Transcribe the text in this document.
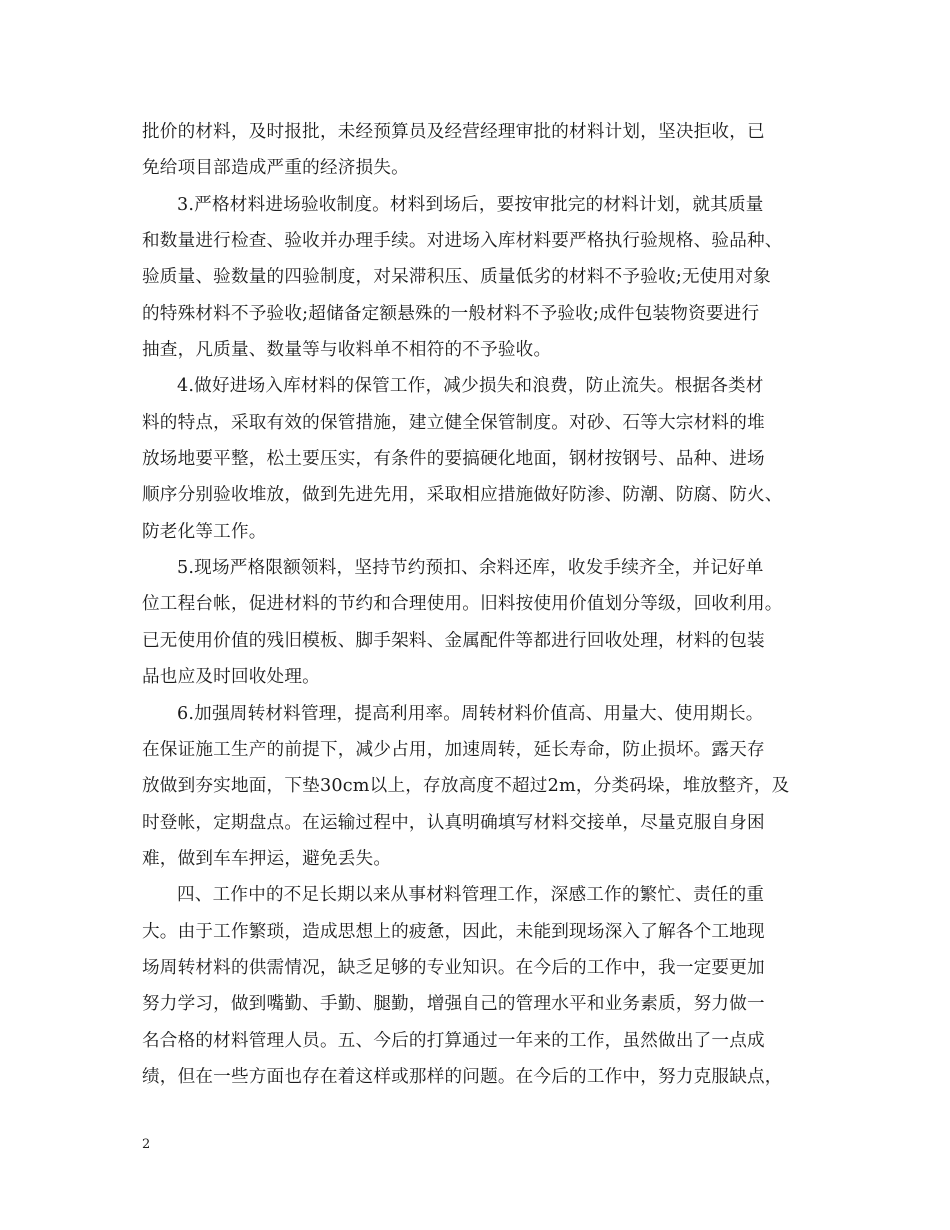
批价的材料，及时报批，未经预算员及经营经理审批的材料计划，坚决拒收，已
免给项目部造成严重的经济损失。

3.严格材料进场验收制度。材料到场后，要按审批完的材料计划，就其质量
和数量进行检查、验收并办理手续。对进场入库材料要严格执行验规格、验品种、
验质量、验数量的四验制度，对呆滞积压、质量低劣的材料不予验收;无使用对象
的特殊材料不予验收;超储备定额悬殊的一般材料不予验收;成件包装物资要进行
抽查，凡质量、数量等与收料单不相符的不予验收。

4.做好进场入库材料的保管工作，减少损失和浪费，防止流失。根据各类材
料的特点，采取有效的保管措施，建立健全保管制度。对砂、石等大宗材料的堆
放场地要平整，松土要压实，有条件的要搞硬化地面，钢材按钢号、品种、进场
顺序分别验收堆放，做到先进先用，采取相应措施做好防渗、防潮、防腐、防火、
防老化等工作。

5.现场严格限额领料，坚持节约预扣、余料还库，收发手续齐全，并记好单
位工程台帐，促进材料的节约和合理使用。旧料按使用价值划分等级，回收利用。
已无使用价值的残旧模板、脚手架料、金属配件等都进行回收处理，材料的包装
品也应及时回收处理。

6.加强周转材料管理，提高利用率。周转材料价值高、用量大、使用期长。
在保证施工生产的前提下，减少占用，加速周转，延长寿命，防止损坏。露天存
放做到夯实地面，下垫30cm以上，存放高度不超过2m，分类码垛，堆放整齐，及
时登帐，定期盘点。在运输过程中，认真明确填写材料交接单，尽量克服自身困
难，做到车车押运，避免丢失。

四、工作中的不足长期以来从事材料管理工作，深感工作的繁忙、责任的重
大。由于工作繁琐，造成思想上的疲惫，因此，未能到现场深入了解各个工地现
场周转材料的供需情况，缺乏足够的专业知识。在今后的工作中，我一定要更加
努力学习，做到嘴勤、手勤、腿勤，增强自己的管理水平和业务素质，努力做一
名合格的材料管理人员。五、今后的打算通过一年来的工作，虽然做出了一点成
绩，但在一些方面也存在着这样或那样的问题。在今后的工作中，努力克服缺点，

2
